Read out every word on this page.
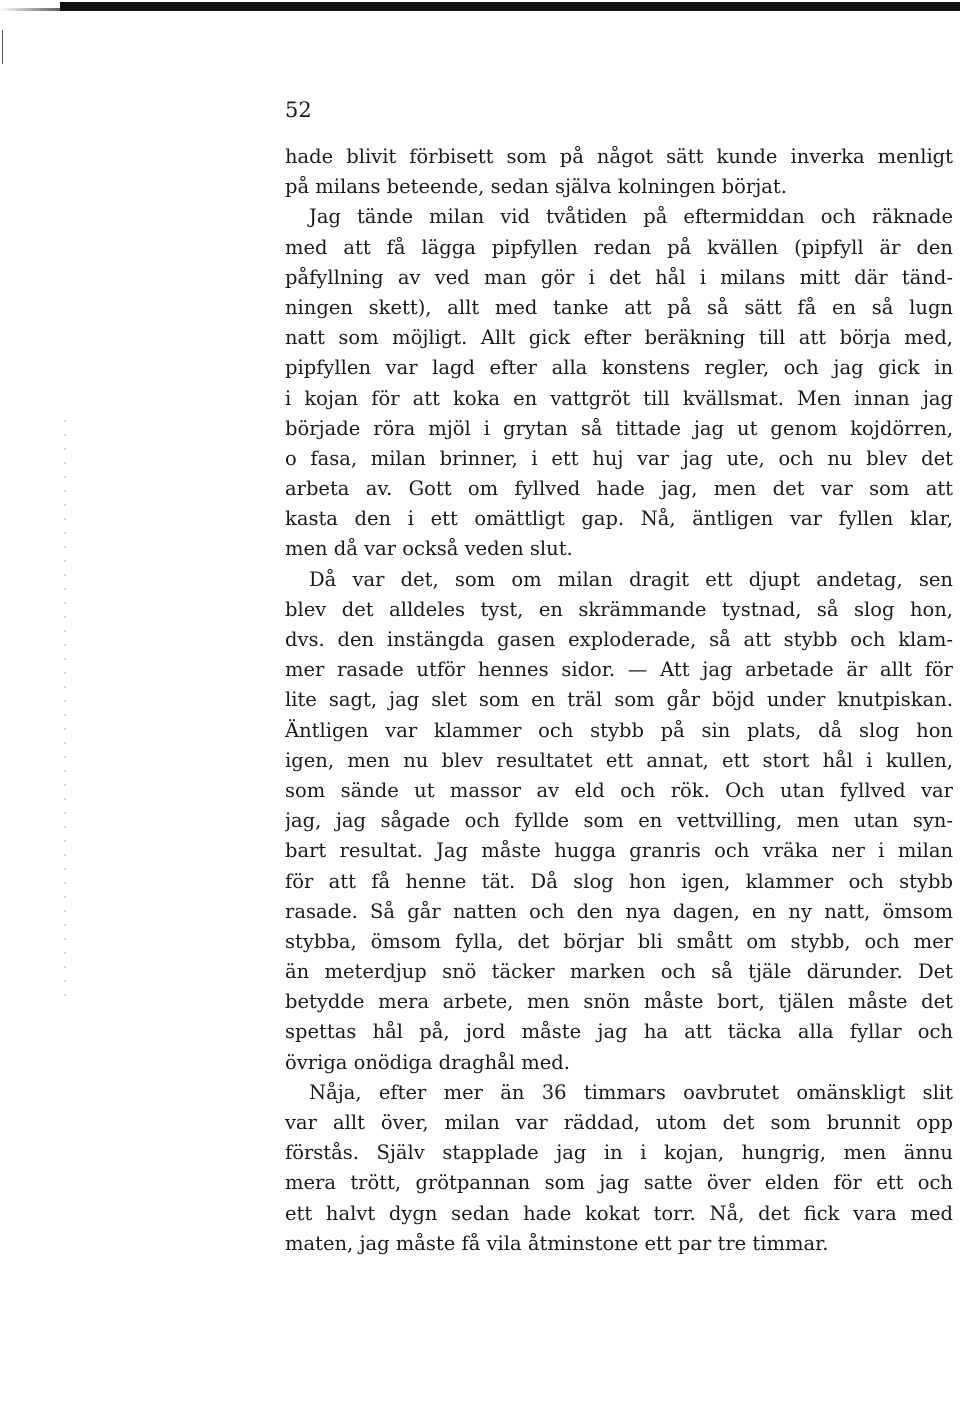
52
hade blivit förbisett som på något sätt kunde inverka menligt
på milans beteende, sedan själva kolningen börjat.
Jag tände milan vid tvåtiden på eftermiddan och räknade
med att få lägga pipfyllen redan på kvällen (pipfyll är den
påfyllning av ved man gör i det hål i milans mitt där tänd-
ningen skett), allt med tanke att på så sätt få en så lugn
natt som möjligt. Allt gick efter beräkning till att börja med,
pipfyllen var lagd efter alla konstens regler, och jag gick in
i kojan för att koka en vattgröt till kvällsmat. Men innan jag
började röra mjöl i grytan så tittade jag ut genom kojdörren,
o fasa, milan brinner, i ett huj var jag ute, och nu blev det
arbeta av. Gott om fyllved hade jag, men det var som att
kasta den i ett omättligt gap. Nå, äntligen var fyllen klar,
men då var också veden slut.
Då var det, som om milan dragit ett djupt andetag, sen
blev det alldeles tyst, en skrämmande tystnad, så slog hon,
dvs. den instängda gasen exploderade, så att stybb och klam-
mer rasade utför hennes sidor. — Att jag arbetade är allt för
lite sagt, jag slet som en träl som går böjd under knutpiskan.
Äntligen var klammer och stybb på sin plats, då slog hon
igen, men nu blev resultatet ett annat, ett stort hål i kullen,
som sände ut massor av eld och rök. Och utan fyllved var
jag, jag sågade och fyllde som en vettvilling, men utan syn-
bart resultat. Jag måste hugga granris och vräka ner i milan
för att få henne tät. Då slog hon igen, klammer och stybb
rasade. Så går natten och den nya dagen, en ny natt, ömsom
stybba, ömsom fylla, det börjar bli smått om stybb, och mer
än meterdjup snö täcker marken och så tjäle därunder. Det
betydde mera arbete, men snön måste bort, tjälen måste det
spettas hål på, jord måste jag ha att täcka alla fyllar och
övriga onödiga draghål med.
Nåja, efter mer än 36 timmars oavbrutet omänskligt slit
var allt över, milan var räddad, utom det som brunnit opp
förstås. Själv stapplade jag in i kojan, hungrig, men ännu
mera trött, grötpannan som jag satte över elden för ett och
ett halvt dygn sedan hade kokat torr. Nå, det fick vara med
maten, jag måste få vila åtminstone ett par tre timmar.
